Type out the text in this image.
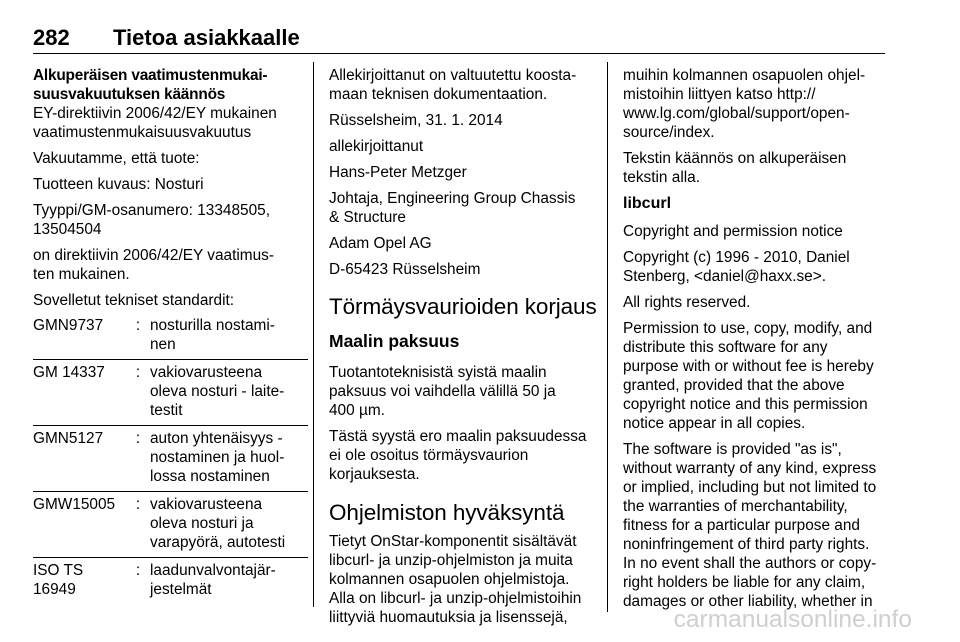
282 Tietoa asiakkaalle
Alkuperäisen vaatimustenmukai-
suusvakuutuksen käännös
EY-direktiivin 2006/42/EY mukainen
vaatimustenmukaisuusvakuutus
Vakuutamme, että tuote:
Tuotteen kuvaus: Nosturi
Tyyppi/GM-osanumero: 13348505,
13504504
on direktiivin 2006/42/EY vaatimus-
ten mukainen.
Sovelletut tekniset standardit:
GMN9737	:	nosturilla nostami-
nen

GM 14337	:	vakiovarusteena
oleva nosturi - laite-
testit

GMN5127	:	auton yhtenäisyys -
nostaminen ja huol-
lossa nostaminen

GMW15005	:	vakiovarusteena
oleva nosturi ja
varapyörä, autotesti

ISO TS 16949	:	laadunvalvontajär-
jestelmät
Allekirjoittanut on valtuutettu koosta-
maan teknisen dokumentaation.
Rüsselsheim, 31. 1. 2014
allekirjoittanut
Hans-Peter Metzger
Johtaja, Engineering Group Chassis
& Structure
Adam Opel AG
D-65423 Rüsselsheim
Törmäysvaurioiden korjaus
Maalin paksuus
Tuotantoteknisistä syistä maalin
paksuus voi vaihdella välillä 50 ja
400 µm.
Tästä syystä ero maalin paksuudessa
ei ole osoitus törmäysvaurion
korjauksesta.
Ohjelmiston hyväksyntä
Tietyt OnStar-komponentit sisältävät
libcurl- ja unzip-ohjelmiston ja muita
kolmannen osapuolen ohjelmistoja.
Alla on libcurl- ja unzip-ohjelmistoihin
liittyviä huomautuksia ja lisenssejä,
muihin kolmannen osapuolen ohjel-
mistoihin liittyen katso http://
www.lg.com/global/support/open-
source/index.
Tekstin käännös on alkuperäisen
tekstin alla.
libcurl
Copyright and permission notice
Copyright (c) 1996 - 2010, Daniel
Stenberg, <daniel@haxx.se>.
All rights reserved.
Permission to use, copy, modify, and
distribute this software for any
purpose with or without fee is hereby
granted, provided that the above
copyright notice and this permission
notice appear in all copies.
The software is provided "as is",
without warranty of any kind, express
or implied, including but not limited to
the warranties of merchantability,
fitness for a particular purpose and
noninfringement of third party rights.
In no event shall the authors or copy-
right holders be liable for any claim,
damages or other liability, whether in
carmanualsonline.info
